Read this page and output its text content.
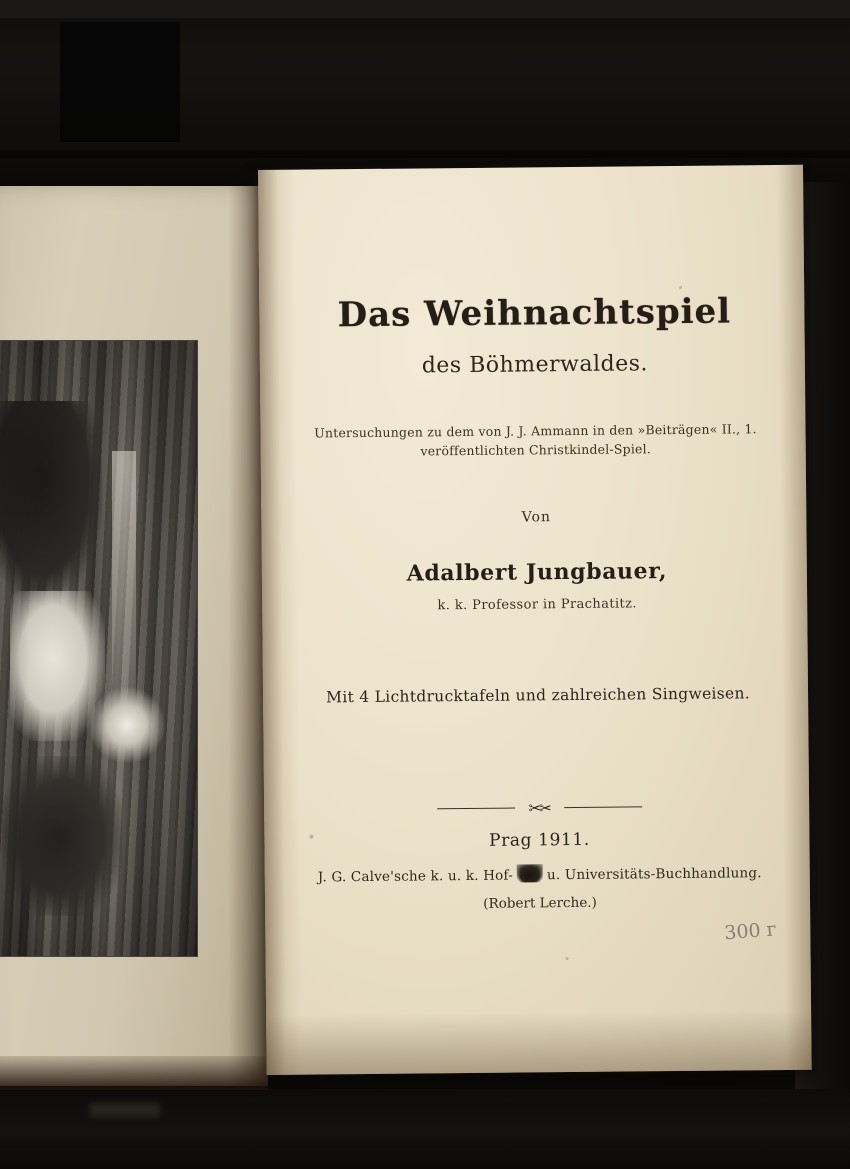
Das Weihnachtspiel
des Böhmerwaldes.
Untersuchungen zu dem von J. J. Ammann in den »Beiträgen« II., 1.
veröffentlichten Christkindel-Spiel.
Von
Adalbert Jungbauer,
k. k. Professor in Prachatitz.
Mit 4 Lichtdrucktafeln und zahlreichen Singweisen.
✂✂
Prag 1911.
J. G. Calve'sche k. u. k. Hof-	u. Universitäts-Buchhandlung.
(Robert Lerche.)
300 г
